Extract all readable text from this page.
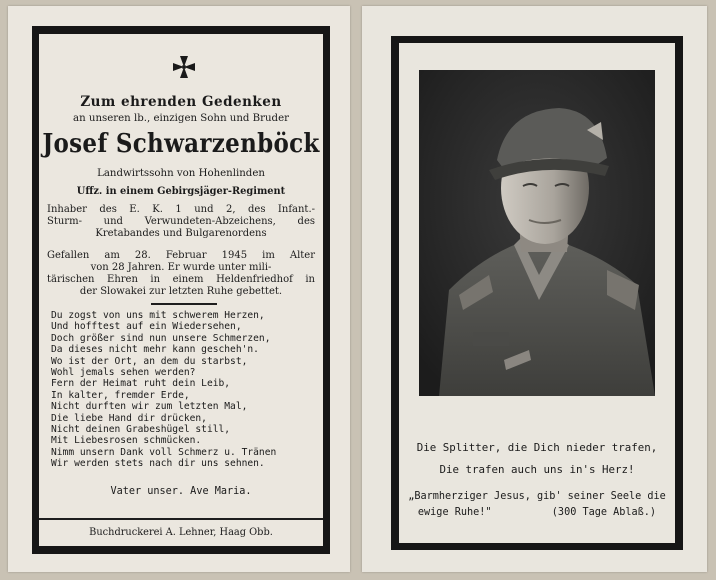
Zum ehrenden Gedenken
an unseren lb., einzigen Sohn und Bruder
Josef Schwarzenböck
Landwirtssohn von Hohenlinden
Uffz. in einem Gebirgsjäger-Regiment
Inhaber des E. K. 1 und 2, des Infant.-
Sturm- und Verwundeten-Abzeichens, des
Kretabandes und Bulgarenordens
Gefallen am 28. Februar 1945 im Alter
von 28 Jahren. Er wurde unter mili-
tärischen Ehren in einem Heldenfriedhof in
der Slowakei zur letzten Ruhe gebettet.
Du zogst von uns mit schwerem Herzen,
Und hofftest auf ein Wiedersehen,
Doch größer sind nun unsere Schmerzen,
Da dieses nicht mehr kann gescheh'n.
Wo ist der Ort, an dem du starbst,
Wohl jemals sehen werden?
Fern der Heimat ruht dein Leib,
In kalter, fremder Erde,
Nicht durften wir zum letzten Mal,
Die liebe Hand dir drücken,
Nicht deinen Grabeshügel still,
Mit Liebesrosen schmücken.
Nimm unsern Dank voll Schmerz u. Tränen
Wir werden stets nach dir uns sehnen.
Vater unser. Ave Maria.
Buchdruckerei A. Lehner, Haag Obb.
Die Splitter, die Dich nieder trafen,
Die trafen auch uns in's Herz!
„Barmherziger Jesus, gib' seiner Seele die
ewige Ruhe!"	(300 Tage Ablaß.)
